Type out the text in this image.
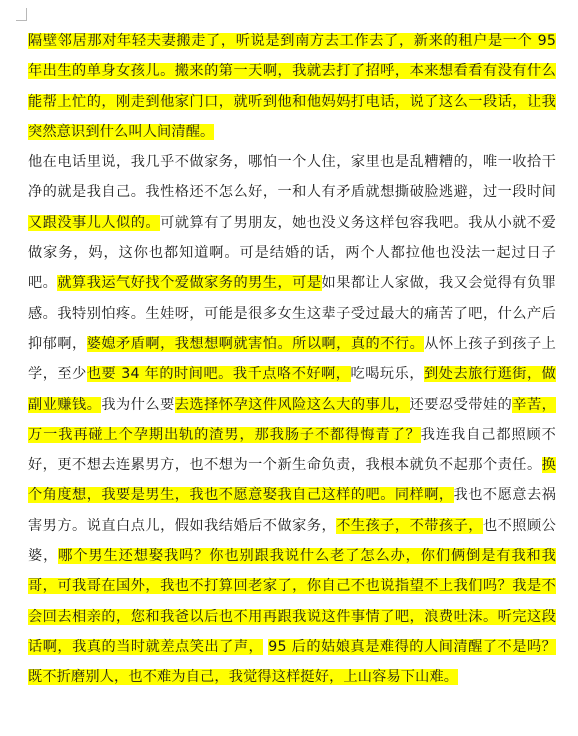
隔壁邻居那对年轻夫妻搬走了，听说是到南方去工作去了，新来的租户是一个 95 年出生的单身女孩儿。搬来的第一天啊，我就去打了招呼，本来想看看有没有什么能帮上忙的，刚走到他家门口，就听到他和他妈妈打电话，说了这么一段话，让我突然意识到什么叫人间清醒。

他在电话里说，我几乎不做家务，哪怕一个人住，家里也是乱糟糟的，唯一收拾干净的就是我自己。我性格还不怎么好，一和人有矛盾就想撕破脸逃避，过一段时间又跟没事儿人似的。可就算有了男朋友，她也没义务这样包容我吧。我从小就不爱做家务，妈，这你也都知道啊。可是结婚的话，两个人都拉他也没法一起过日子吧。就算我运气好找个爱做家务的男生，可是如果都让人家做，我又会觉得有负罪感。我特别怕疼。生娃呀，可能是很多女生这辈子受过最大的痛苦了吧，什么产后抑郁啊，婆媳矛盾啊，我想想啊就害怕。所以啊，真的不行。从怀上孩子到孩子上学，至少也要 34 年的时间吧。我千点咯不好啊，吃喝玩乐，到处去旅行逛街，做副业赚钱。我为什么要去选择怀孕这件风险这么大的事儿，还要忍受带娃的辛苦，万一我再碰上个孕期出轨的渣男，那我肠子不都得悔青了？我连我自己都照顾不好，更不想去连累男方，也不想为一个新生命负责，我根本就负不起那个责任。换个角度想，我要是男生，我也不愿意娶我自己这样的吧。同样啊，我也不愿意去祸害男方。说直白点儿，假如我结婚后不做家务，不生孩子，不带孩子，也不照顾公婆，哪个男生还想娶我吗？你也别跟我说什么老了怎么办，你们俩倒是有我和我哥，可我哥在国外，我也不打算回老家了，你自己不也说指望不上我们吗？我是不会回去相亲的，您和我爸以后也不用再跟我说这件事情了吧，浪费吐沫。听完这段话啊，我真的当时就差点笑出了声， 95 后的姑娘真是难得的人间清醒了不是吗？既不折磨别人，也不难为自己，我觉得这样挺好，上山容易下山难。
